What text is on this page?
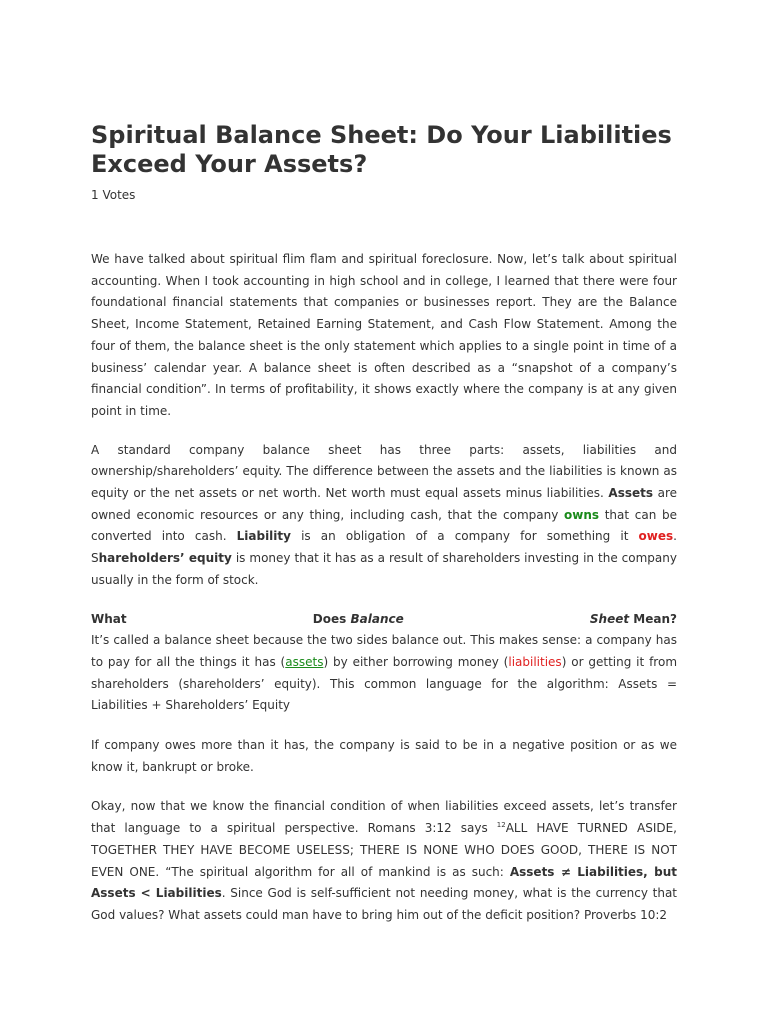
Spiritual Balance Sheet: Do Your Liabilities Exceed Your Assets?
1 Votes

We have talked about spiritual flim flam and spiritual foreclosure. Now, let’s talk about spiritual accounting. When I took accounting in high school and in college, I learned that there were four foundational financial statements that companies or businesses report. They are the Balance Sheet, Income Statement, Retained Earning Statement, and Cash Flow Statement. Among the four of them, the balance sheet is the only statement which applies to a single point in time of a business’ calendar year. A balance sheet is often described as a “snapshot of a company’s financial condition”. In terms of profitability, it shows exactly where the company is at any given point in time.

A standard company balance sheet has three parts: assets, liabilities and ownership/shareholders’ equity. The difference between the assets and the liabilities is known as equity or the net assets or net worth. Net worth must equal assets minus liabilities. Assets are owned economic resources or any thing, including cash, that the company owns that can be converted into cash. Liability is an obligation of a company for something it owes. Shareholders’ equity is money that it has as a result of shareholders investing in the company usually in the form of stock.

What	Does Balance	Sheet Mean?

It’s called a balance sheet because the two sides balance out. This makes sense: a company has to pay for all the things it has (assets) by either borrowing money (liabilities) or getting it from shareholders (shareholders’ equity). This common language for the algorithm: Assets = Liabilities + Shareholders’ Equity

If company owes more than it has, the company is said to be in a negative position or as we know it, bankrupt or broke.

Okay, now that we know the financial condition of when liabilities exceed assets, let’s transfer that language to a spiritual perspective. Romans 3:12 says $^{12}$ALL HAVE TURNED ASIDE, TOGETHER THEY HAVE BECOME USELESS; THERE IS NONE WHO DOES GOOD, THERE IS NOT EVEN ONE. “The spiritual algorithm for all of mankind is as such: Assets ≠ Liabilities, but Assets < Liabilities. Since God is self-sufficient not needing money, what is the currency that God values? What assets could man have to bring him out of the deficit position? Proverbs 10:2
